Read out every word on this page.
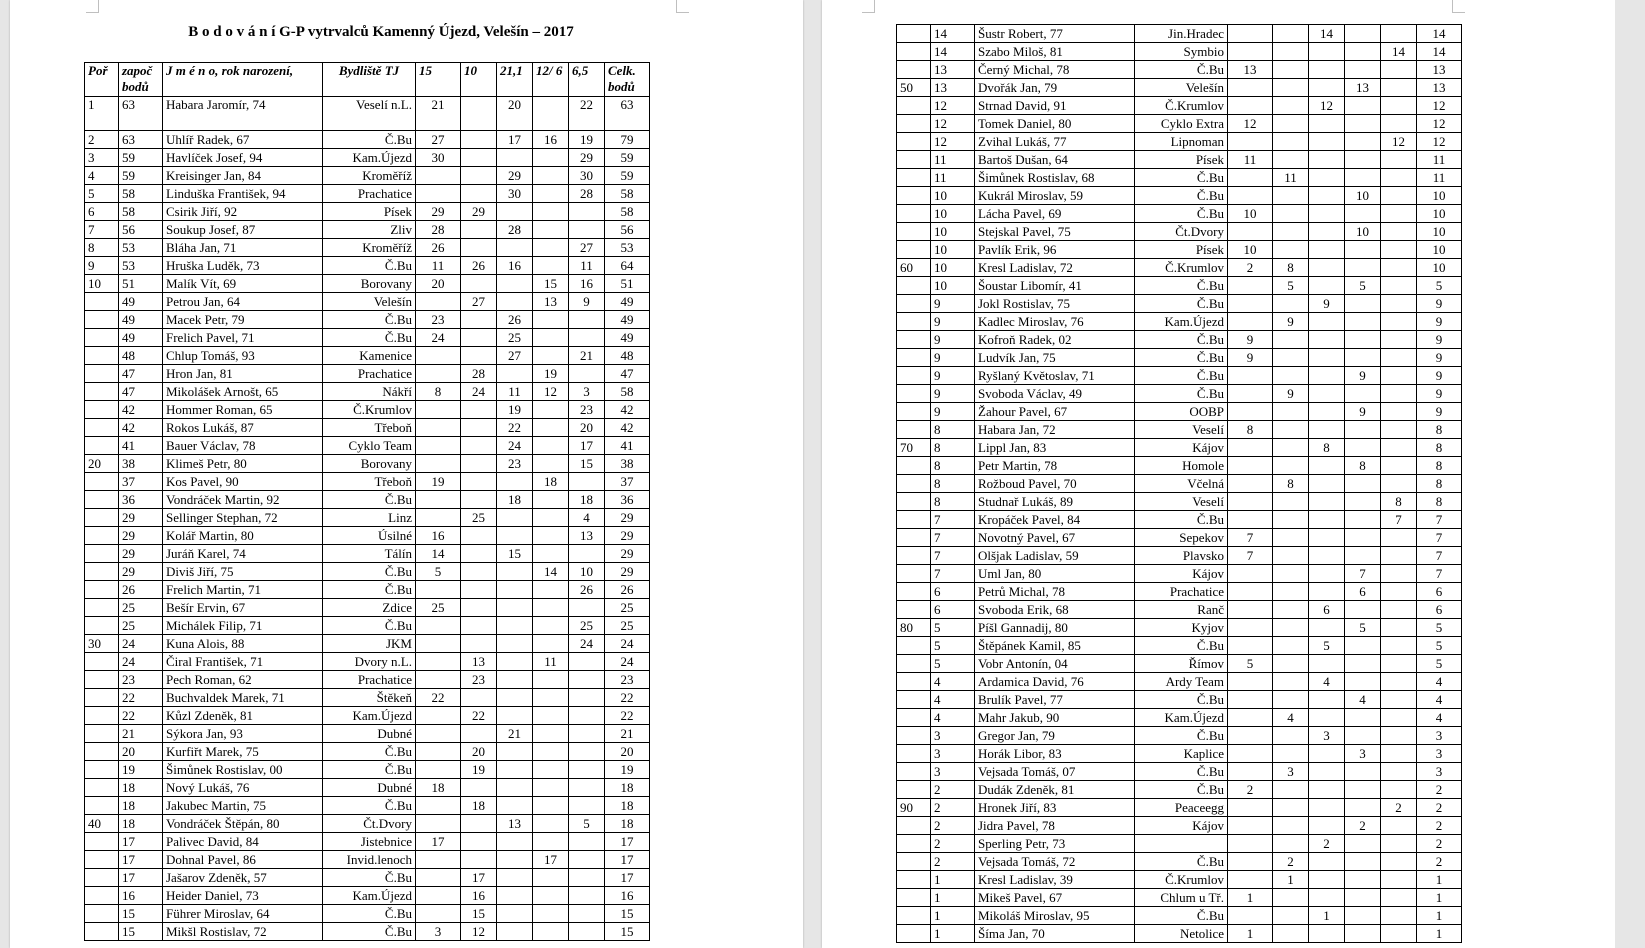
B o d o v á n í G-P vytrvalců Kamenný Újezd, Velešín – 2017
Poř	započ bodů	J m é n o, rok narození,	Bydliště TJ	15	10	21,1	12/ 6	6,5	Celk. bodů
1	63	Habara Jaromír, 74	Veselí n.L.	21		20		22	63
2	63	Uhlíř Radek, 67	Č.Bu	27		17	16	19	79
3	59	Havlíček Josef, 94	Kam.Újezd	30				29	59
4	59	Kreisinger Jan, 84	Kroměříž			29		30	59
5	58	Linduška František, 94	Prachatice			30		28	58
6	58	Csirik Jiří, 92	Písek	29	29				58
7	56	Soukup Josef, 87	Zliv	28		28			56
8	53	Bláha Jan, 71	Kroměříž	26				27	53
9	53	Hruška Luděk, 73	Č.Bu	11	26	16		11	64
10	51	Malík Vít, 69	Borovany	20			15	16	51
	49	Petrou Jan, 64	Velešín		27		13	9	49
	49	Macek Petr, 79	Č.Bu	23		26			49
	49	Frelich Pavel, 71	Č.Bu	24		25			49
	48	Chlup Tomáš, 93	Kamenice			27		21	48
	47	Hron Jan, 81	Prachatice		28		19		47
	47	Mikolášek Arnošt, 65	Nákří	8	24	11	12	3	58
	42	Hommer Roman, 65	Č.Krumlov			19		23	42
	42	Rokos Lukáš, 87	Třeboň			22		20	42
	41	Bauer Václav, 78	Cyklo Team			24		17	41
20	38	Klimeš Petr, 80	Borovany			23		15	38
	37	Kos Pavel, 90	Třeboň	19			18		37
	36	Vondráček Martin, 92	Č.Bu			18		18	36
	29	Sellinger Stephan, 72	Linz		25			4	29
	29	Kolář Martin, 80	Úsilné	16				13	29
	29	Juráň Karel, 74	Tálín	14		15			29
	29	Diviš Jiří, 75	Č.Bu	5			14	10	29
	26	Frelich Martin, 71	Č.Bu					26	26
	25	Bešír Ervin, 67	Zdice	25					25
	25	Michálek Filip, 71	Č.Bu					25	25
30	24	Kuna Alois, 88	JKM					24	24
	24	Čiral František, 71	Dvory n.L.		13		11		24
	23	Pech Roman, 62	Prachatice		23				23
	22	Buchvaldek Marek, 71	Štěkeň	22					22
	22	Kůzl Zdeněk, 81	Kam.Újezd		22				22
	21	Sýkora Jan, 93	Dubné			21			21
	20	Kurfiřt Marek, 75	Č.Bu		20				20
	19	Šimůnek Rostislav, 00	Č.Bu		19				19
	18	Nový Lukáš, 76	Dubné	18					18
	18	Jakubec Martin, 75	Č.Bu		18				18
40	18	Vondráček Štěpán, 80	Čt.Dvory			13		5	18
	17	Palivec David, 84	Jistebnice	17					17
	17	Dohnal Pavel, 86	Invid.lenoch				17		17
	17	Jašarov Zdeněk, 57	Č.Bu		17				17
	16	Heider Daniel, 73	Kam.Újezd		16				16
	15	Führer Miroslav, 64	Č.Bu		15				15
	15	Mikšl Rostislav, 72	Č.Bu	3	12				15
	14	Šustr Robert, 77	Jin.Hradec			14			14
	14	Szabo Miloš, 81	Symbio					14	14
	13	Černý Michal, 78	Č.Bu	13					13
50	13	Dvořák Jan, 79	Velešín				13		13
	12	Strnad David, 91	Č.Krumlov			12			12
	12	Tomek Daniel, 80	Cyklo Extra	12					12
	12	Zvihal Lukáš, 77	Lipnoman					12	12
	11	Bartoš Dušan, 64	Písek	11					11
	11	Šimůnek Rostislav, 68	Č.Bu		11				11
	10	Kukrál Miroslav, 59	Č.Bu				10		10
	10	Lácha Pavel, 69	Č.Bu	10					10
	10	Stejskal Pavel, 75	Čt.Dvory				10		10
	10	Pavlík Erik, 96	Písek	10					10
60	10	Kresl Ladislav, 72	Č.Krumlov	2	8				10
	10	Šoustar Libomír, 41	Č.Bu		5		5		5
	9	Jokl Rostislav, 75	Č.Bu			9			9
	9	Kadlec Miroslav, 76	Kam.Újezd		9				9
	9	Kofroň Radek, 02	Č.Bu	9					9
	9	Ludvík Jan, 75	Č.Bu	9					9
	9	Ryšlaný Květoslav, 71	Č.Bu				9		9
	9	Svoboda Václav, 49	Č.Bu		9				9
	9	Žahour Pavel, 67	OOBP				9		9
	8	Habara Jan, 72	Veselí	8					8
70	8	Lippl Jan, 83	Kájov			8			8
	8	Petr Martin, 78	Homole				8		8
	8	Rožboud Pavel, 70	Včelná		8				8
	8	Studnař Lukáš, 89	Veselí					8	8
	7	Kropáček Pavel, 84	Č.Bu					7	7
	7	Novotný Pavel, 67	Sepekov	7					7
	7	Olšjak Ladislav, 59	Plavsko	7					7
	7	Uml Jan, 80	Kájov				7		7
	6	Petrů Michal, 78	Prachatice				6		6
	6	Svoboda Erik, 68	Ranč			6			6
80	5	Píšl Gannadij, 80	Kyjov				5		5
	5	Štěpánek Kamil, 85	Č.Bu			5			5
	5	Vobr Antonín, 04	Římov	5					5
	4	Ardamica David, 76	Ardy Team			4			4
	4	Brulík Pavel, 77	Č.Bu				4		4
	4	Mahr Jakub, 90	Kam.Újezd		4				4
	3	Gregor Jan, 79	Č.Bu			3			3
	3	Horák Libor, 83	Kaplice				3		3
	3	Vejsada Tomáš, 07	Č.Bu		3				3
	2	Dudák Zdeněk, 81	Č.Bu	2					2
90	2	Hronek Jiří, 83	Peaceegg					2	2
	2	Jidra Pavel, 78	Kájov				2		2
	2	Sperling Petr, 73				2			2
	2	Vejsada Tomáš, 72	Č.Bu		2				2
	1	Kresl Ladislav, 39	Č.Krumlov		1				1
	1	Mikeš Pavel, 67	Chlum u Tř.	1					1
	1	Mikoláš Miroslav, 95	Č.Bu			1			1
	1	Šíma Jan, 70	Netolice	1					1
